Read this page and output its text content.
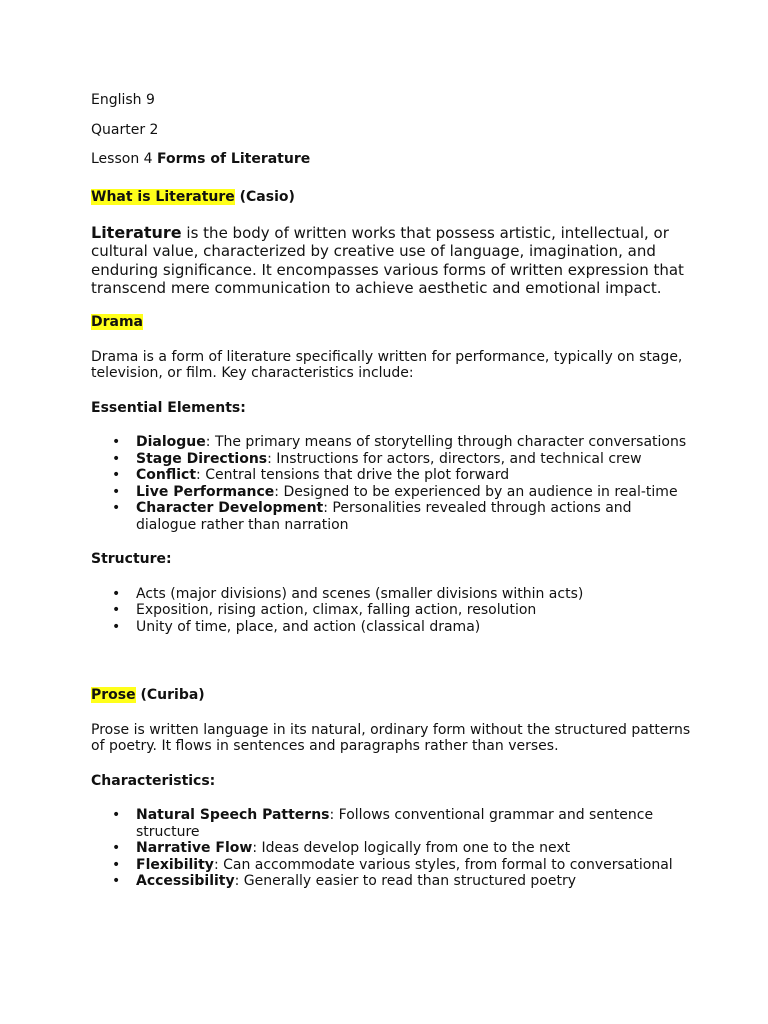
English 9

Quarter 2

Lesson 4 Forms of Literature

What is Literature (Casio)

Literature is the body of written works that possess artistic, intellectual, or cultural value, characterized by creative use of language, imagination, and enduring significance. It encompasses various forms of written expression that transcend mere communication to achieve aesthetic and emotional impact.

Drama

Drama is a form of literature specifically written for performance, typically on stage, television, or film. Key characteristics include:

Essential Elements:

• Dialogue: The primary means of storytelling through character conversations
• Stage Directions: Instructions for actors, directors, and technical crew
• Conflict: Central tensions that drive the plot forward
• Live Performance: Designed to be experienced by an audience in real-time
• Character Development: Personalities revealed through actions and dialogue rather than narration

Structure:

• Acts (major divisions) and scenes (smaller divisions within acts)
• Exposition, rising action, climax, falling action, resolution
• Unity of time, place, and action (classical drama)

Prose (Curiba)

Prose is written language in its natural, ordinary form without the structured patterns of poetry. It flows in sentences and paragraphs rather than verses.

Characteristics:

• Natural Speech Patterns: Follows conventional grammar and sentence structure
• Narrative Flow: Ideas develop logically from one to the next
• Flexibility: Can accommodate various styles, from formal to conversational
• Accessibility: Generally easier to read than structured poetry
